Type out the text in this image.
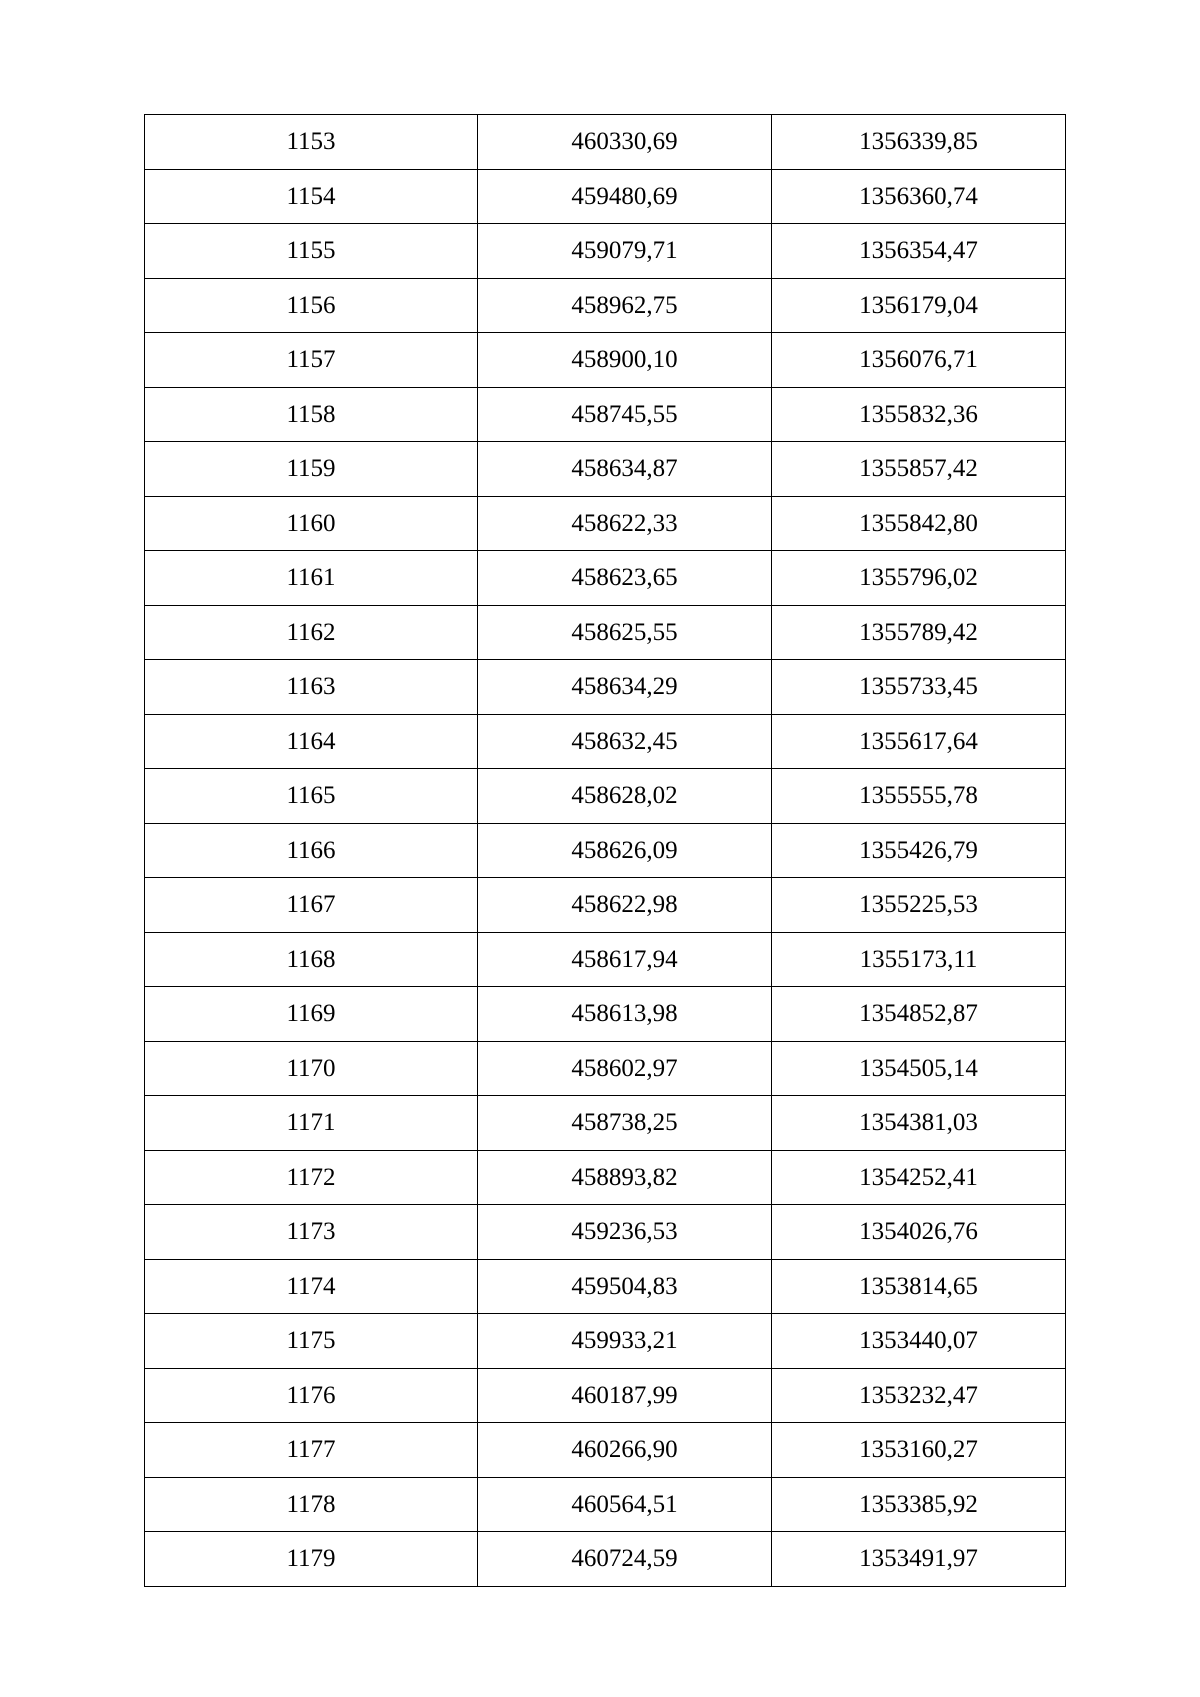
1153	460330,69	1356339,85
1154	459480,69	1356360,74
1155	459079,71	1356354,47
1156	458962,75	1356179,04
1157	458900,10	1356076,71
1158	458745,55	1355832,36
1159	458634,87	1355857,42
1160	458622,33	1355842,80
1161	458623,65	1355796,02
1162	458625,55	1355789,42
1163	458634,29	1355733,45
1164	458632,45	1355617,64
1165	458628,02	1355555,78
1166	458626,09	1355426,79
1167	458622,98	1355225,53
1168	458617,94	1355173,11
1169	458613,98	1354852,87
1170	458602,97	1354505,14
1171	458738,25	1354381,03
1172	458893,82	1354252,41
1173	459236,53	1354026,76
1174	459504,83	1353814,65
1175	459933,21	1353440,07
1176	460187,99	1353232,47
1177	460266,90	1353160,27
1178	460564,51	1353385,92
1179	460724,59	1353491,97
